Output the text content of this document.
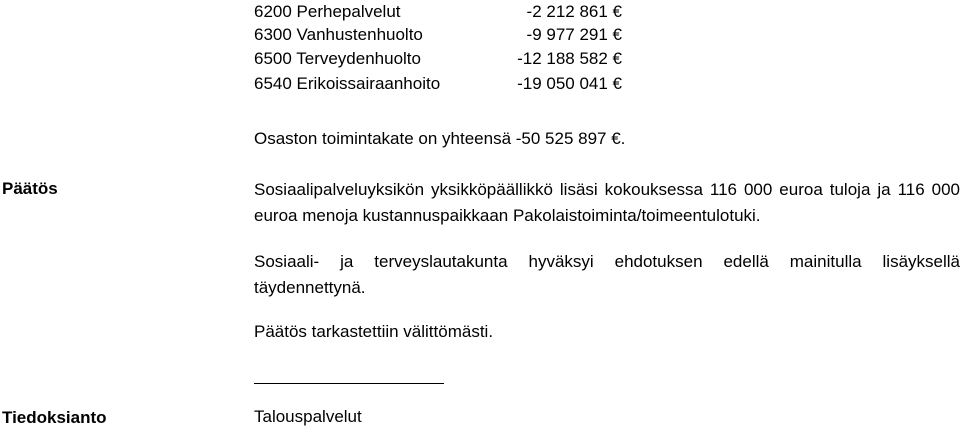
6200 Perhepalvelut	-2 212 861 €
6300 Vanhustenhuolto	-9 977 291 €
6500 Terveydenhuolto	-12 188 582 €
6540 Erikoissairaanhoito	-19 050 041 €
Osaston toimintakate on yhteensä -50 525 897 €.
Päätös	Sosiaalipalveluyksikön yksikköpäällikkö lisäsi kokouksessa 116 000 euroa tuloja ja 116 000 euroa menoja kustannuspaikkaan Pakolaistoiminta/toimeentulotuki.
Sosiaali- ja terveyslautakunta hyväksyi ehdotuksen edellä mainitulla lisäyksellä täydennettynä.
Päätös tarkastettiin välittömästi.
Tiedoksianto	Talouspalvelut
